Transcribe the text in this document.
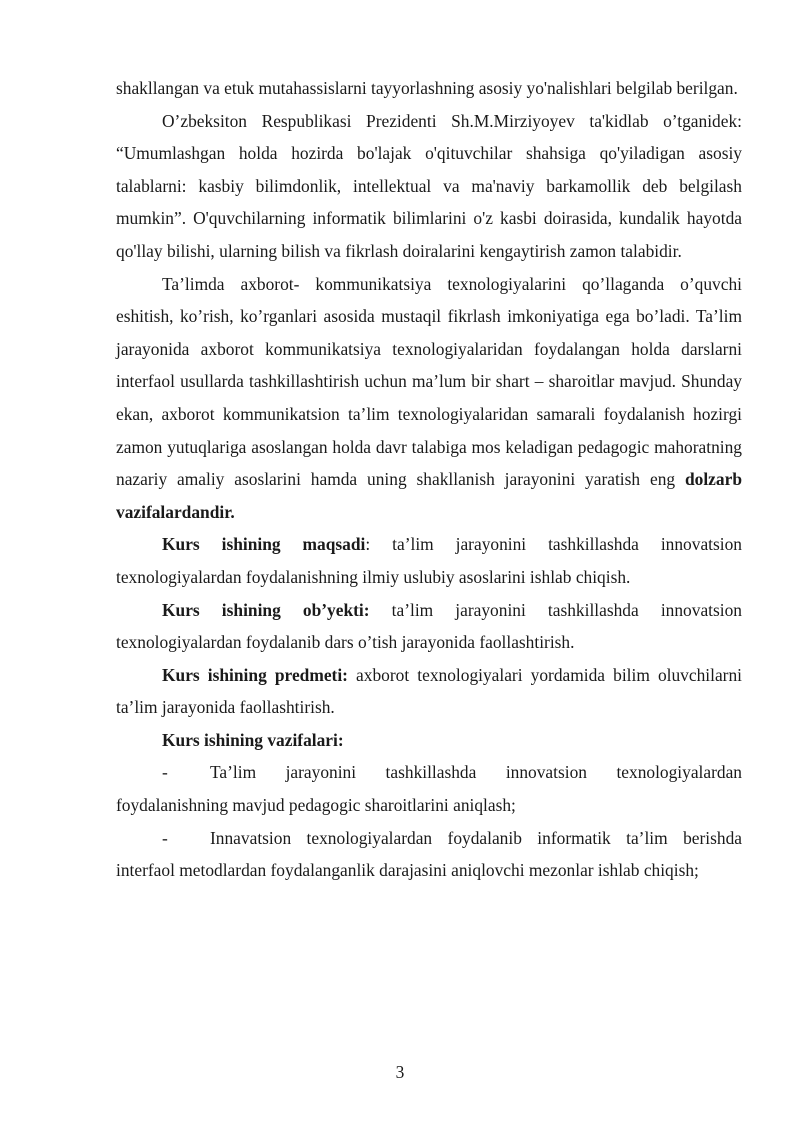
shakllangan va etuk mutahassislarni tayyorlashning asosiy yo'nalishlari belgilab berilgan.

O’zbeksiton Respublikasi Prezidenti Sh.M.Mirziyoyev ta'kidlab o’tganidek: “Umumlashgan holda hozirda bo'lajak o'qituvchilar shahsiga qo'yiladigan asosiy talablarni: kasbiy bilimdonlik, intellektual va ma'naviy barkamollik deb belgilash mumkin”. O'quvchilarning informatik bilimlarini o'z kasbi doirasida, kundalik hayotda qo'llay bilishi, ularning bilish va fikrlash doiralarini kengaytirish zamon talabidir.

Ta’limda axborot- kommunikatsiya texnologiyalarini qo’llaganda o’quvchi eshitish, ko’rish, ko’rganlari asosida mustaqil fikrlash imkoniyatiga ega bo’ladi. Ta’lim jarayonida axborot kommunikatsiya texnologiyalaridan foydalangan holda darslarni interfaol usullarda tashkillashtirish uchun ma’lum bir shart – sharoitlar mavjud. Shunday ekan, axborot kommunikatsion ta’lim texnologiyalaridan samarali foydalanish hozirgi zamon yutuqlariga asoslangan holda davr talabiga mos keladigan pedagogic mahoratning nazariy amaliy asoslarini hamda uning shakllanish jarayonini yaratish eng dolzarb vazifalardandir.

Kurs ishining maqsadi: ta’lim jarayonini tashkillashda innovatsion texnologiyalardan foydalanishning ilmiy uslubiy asoslarini ishlab chiqish.

Kurs ishining ob’yekti: ta’lim jarayonini tashkillashda innovatsion texnologiyalardan foydalanib dars o’tish jarayonida faollashtirish.

Kurs ishining predmeti: axborot texnologiyalari yordamida bilim oluvchilarni ta’lim jarayonida faollashtirish.

Kurs ishining vazifalari:

-	Ta’lim jarayonini tashkillashda innovatsion texnologiyalardan

foydalanishning mavjud pedagogic sharoitlarini aniqlash;

-	Innavatsion texnologiyalardan foydalanib informatik ta’lim berishda

interfaol metodlardan foydalanganlik darajasini aniqlovchi mezonlar ishlab chiqish;

3
